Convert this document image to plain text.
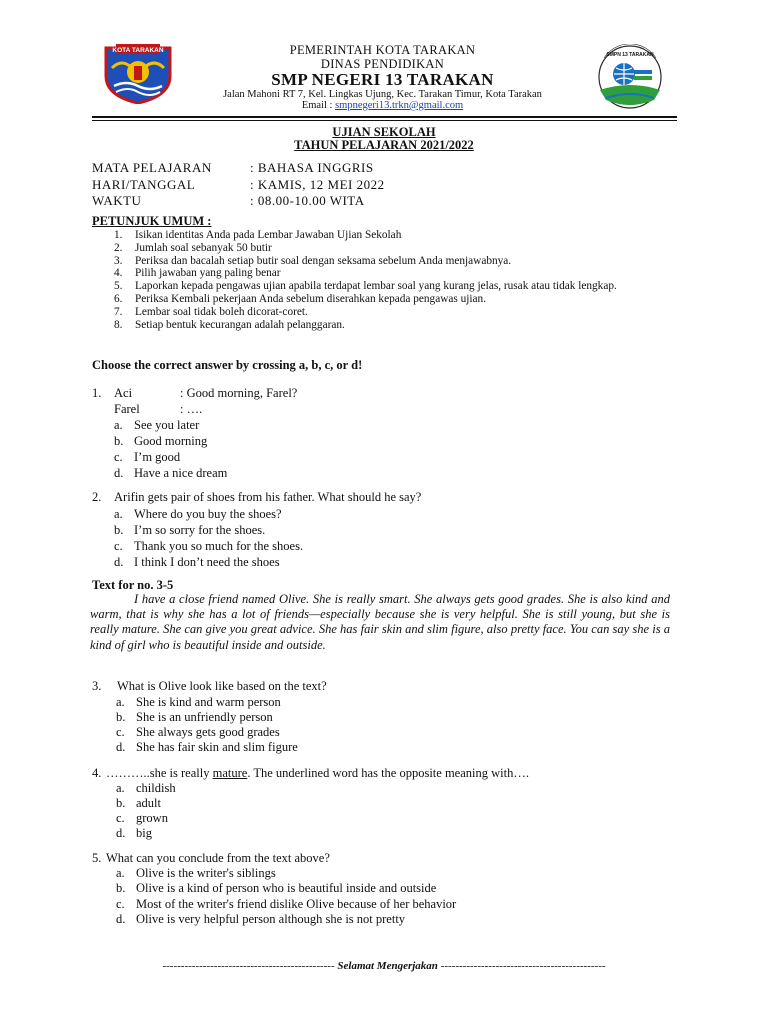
KOTA TARAKAN
SMPN 13 TARAKAN
PEMERINTAH KOTA TARAKAN
DINAS PENDIDIKAN
SMP NEGERI 13 TARAKAN
Jalan Mahoni RT 7, Kel. Lingkas Ujung, Kec. Tarakan Timur, Kota Tarakan
Email : smpnegeri13.trkn@gmail.com
UJIAN SEKOLAH
TAHUN PELAJARAN 2021/2022
MATA PELAJARAN	: BAHASA INGGRIS
HARI/TANGGAL	: KAMIS, 12 MEI 2022
WAKTU	: 08.00-10.00 WITA
PETUNJUK UMUM :
1. Isikan identitas Anda pada Lembar Jawaban Ujian Sekolah
2. Jumlah soal sebanyak 50 butir
3. Periksa dan bacalah setiap butir soal dengan seksama sebelum Anda menjawabnya.
4. Pilih jawaban yang paling benar
5. Laporkan kepada pengawas ujian apabila terdapat lembar soal yang kurang jelas, rusak atau tidak lengkap.
6. Periksa Kembali pekerjaan Anda sebelum diserahkan kepada pengawas ujian.
7. Lembar soal tidak boleh dicorat-coret.
8. Setiap bentuk kecurangan adalah pelanggaran.
Choose the correct answer by crossing a, b, c, or d!
1. Aci	: Good morning, Farel?
Farel	: ….
a. See you later
b. Good morning
c. I’m good
d. Have a nice dream
2. Arifin gets pair of shoes from his father. What should he say?
a. Where do you buy the shoes?
b. I’m so sorry for the shoes.
c. Thank you so much for the shoes.
d. I think I don’t need the shoes
Text for no. 3-5
I have a close friend named Olive. She is really smart. She always gets good grades. She is also kind and warm, that is why she has a lot of friends—especially because she is very helpful. She is still young, but she is really mature. She can give you great advice. She has fair skin and slim figure, also pretty face. You can say she is a kind of girl who is beautiful inside and outside.
3. What is Olive look like based on the text?
a. She is kind and warm person
b. She is an unfriendly person
c. She always gets good grades
d. She has fair skin and slim figure
4. ………..she is really mature. The underlined word has the opposite meaning with….
a. childish
b. adult
c. grown
d. big
5. What can you conclude from the text above?
a. Olive is the writer's siblings
b. Olive is a kind of person who is beautiful inside and outside
c. Most of the writer's friend dislike Olive because of her behavior
d. Olive is very helpful person although she is not pretty
----------------------------------------------- Selamat Mengerjakan ---------------------------------------------
